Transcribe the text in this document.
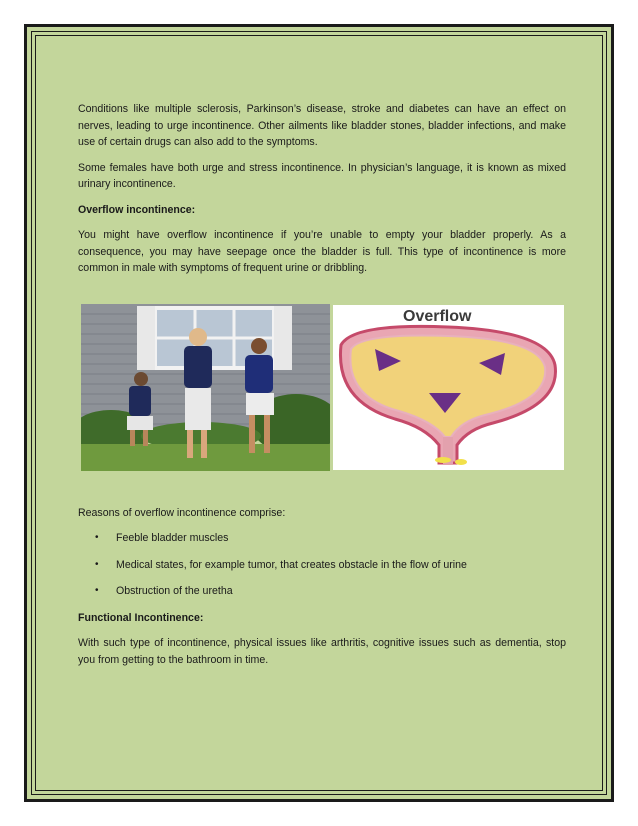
Conditions like multiple sclerosis, Parkinson’s disease, stroke and diabetes can have an effect on nerves, leading to urge incontinence. Other ailments like bladder stones, bladder infections, and make use of certain drugs can also add to the symptoms.

Some females have both urge and stress incontinence. In physician’s language, it is known as mixed urinary incontinence.

Overflow incontinence:

You might have overflow incontinence if you’re unable to empty your bladder properly. As a consequence, you may have seepage once the bladder is full. This type of incontinence is more common in male with symptoms of frequent urine or dribbling.

Overflow

Reasons of overflow incontinence comprise:

• Feeble bladder muscles
• Medical states, for example tumor, that creates obstacle in the flow of urine
• Obstruction of the uretha
Functional Incontinence:

With such type of incontinence, physical issues like arthritis, cognitive issues such as dementia, stop you from getting to the bathroom in time.
